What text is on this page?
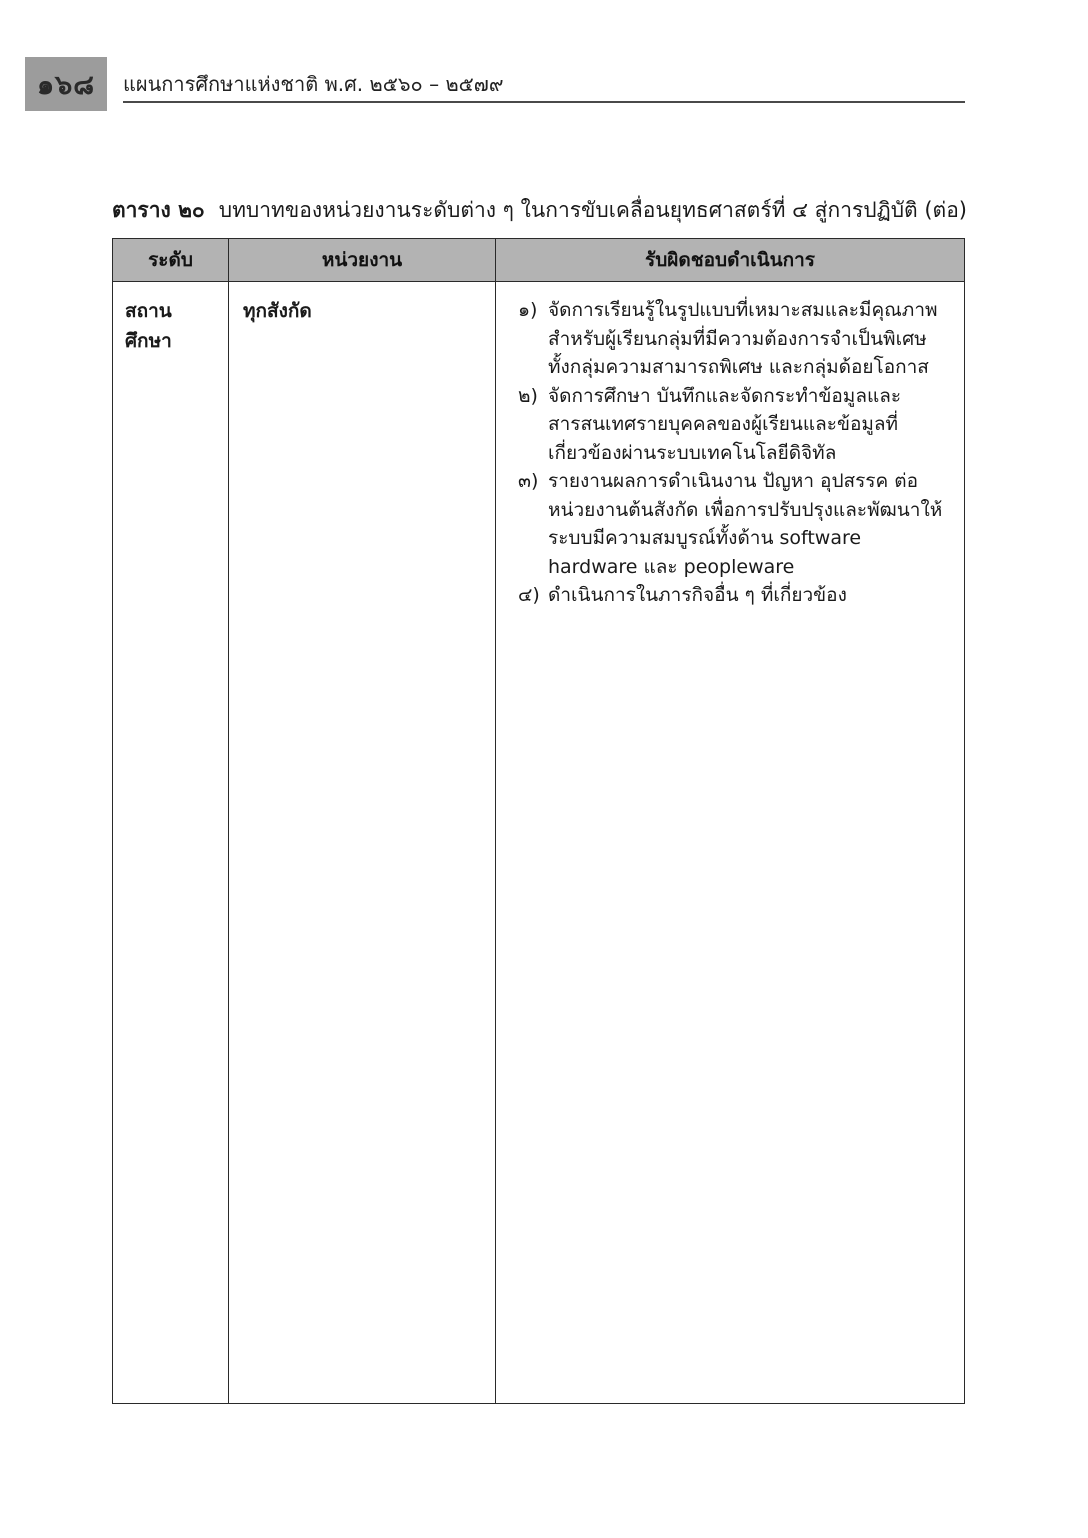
๑๖๘ แผนการศึกษาแห่งชาติ พ.ศ. ๒๕๖๐ – ๒๕๗๙
ตาราง ๒๐ บทบาทของหน่วยงานระดับต่าง ๆ ในการขับเคลื่อนยุทธศาสตร์ที่ ๔ สู่การปฏิบัติ (ต่อ)
ระดับ	หน่วยงาน	รับผิดชอบดำเนินการ
สถานศึกษา	ทุกสังกัด	๑) จัดการเรียนรู้ในรูปแบบที่เหมาะสมและมีคุณภาพ สำหรับผู้เรียนกลุ่มที่มีความต้องการจำเป็นพิเศษ ทั้งกลุ่มความสามารถพิเศษ และกลุ่มด้อยโอกาส
๒) จัดการศึกษา บันทึกและจัดกระทำข้อมูลและสารสนเทศรายบุคคลของผู้เรียนและข้อมูลที่เกี่ยวข้องผ่านระบบเทคโนโลยีดิจิทัล
๓) รายงานผลการดำเนินงาน ปัญหา อุปสรรค ต่อหน่วยงานต้นสังกัด เพื่อการปรับปรุงและพัฒนาให้ระบบมีความสมบูรณ์ทั้งด้าน software hardware และ peopleware
๔) ดำเนินการในภารกิจอื่น ๆ ที่เกี่ยวข้อง
